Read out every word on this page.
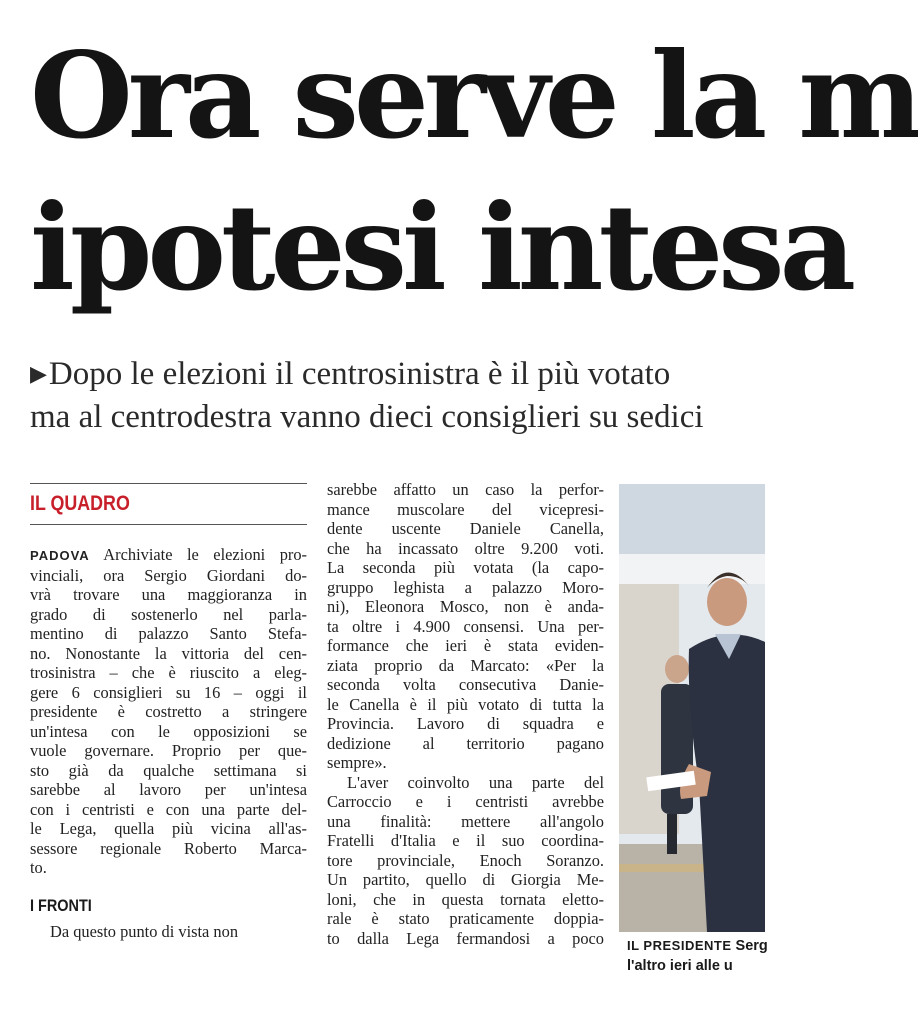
Ora serve la m
ipotesi intesa
▶Dopo le elezioni il centrosinistra è il più votato
ma al centrodestra vanno dieci consiglieri su sedici
IL QUADRO
PADOVA Archiviate le elezioni pro-
vinciali, ora Sergio Giordani do-
vrà trovare una maggioranza in
grado di sostenerlo nel parla-
mentino di palazzo Santo Stefa-
no. Nonostante la vittoria del cen-
trosinistra – che è riuscito a eleg-
gere 6 consiglieri su 16 – oggi il
presidente è costretto a stringere
un'intesa con le opposizioni se
vuole governare. Proprio per que-
sto già da qualche settimana si
sarebbe al lavoro per un'intesa
con i centristi e con una parte del-
le Lega, quella più vicina all'as-
sessore regionale Roberto Marca-
to.
I FRONTI
Da questo punto di vista non
sarebbe affatto un caso la perfor-
mance muscolare del vicepresi-
dente uscente Daniele Canella,
che ha incassato oltre 9.200 voti.
La seconda più votata (la capo-
gruppo leghista a palazzo Moro-
ni), Eleonora Mosco, non è anda-
ta oltre i 4.900 consensi. Una per-
formance che ieri è stata eviden-
ziata proprio da Marcato: «Per la
seconda volta consecutiva Danie-
le Canella è il più votato di tutta la
Provincia. Lavoro di squadra e
dedizione al territorio pagano
sempre».
L'aver coinvolto una parte del
Carroccio e i centristi avrebbe
una finalità: mettere all'angolo
Fratelli d'Italia e il suo coordina-
tore provinciale, Enoch Soranzo.
Un partito, quello di Giorgia Me-
loni, che in questa tornata eletto-
rale è stato praticamente doppia-
to dalla Lega fermandosi a poco IL PRESIDENTE Serg
l'altro ieri alle u
